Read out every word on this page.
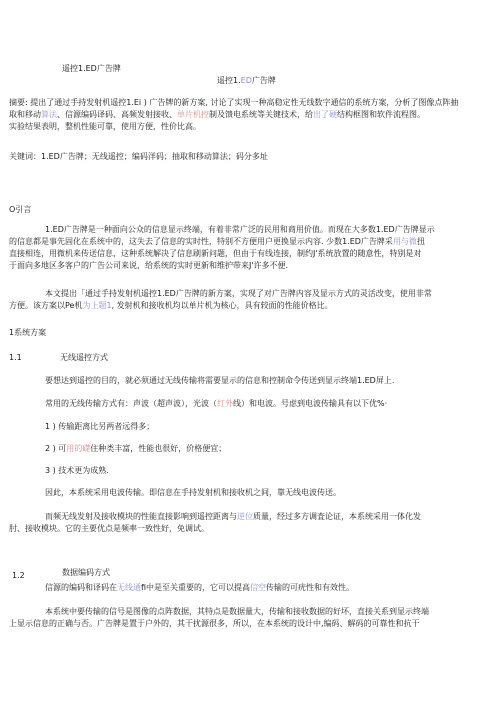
遥控1.ED广告牌
遥控1.ED广告牌

摘要: 提出了通过手持发射机遥控1.Ei ) 广告牌的新方案, 讨论了实现一种高稳定性无线数字通信的系统方案，分析了图像点阵抽

取和移动算法、信源编码译码、高频发射接收、单片机控制及馈电系统等关键技术，给出了硬结构框图和软件流程图。

实验结果表明，整机性能可靠，使用方便，性价比高。

关键词：1.ED广告牌；无线遥控；编码洋码；抽取和移动算法；码分多址
O引言

1.ED广告牌是一种面向公众的信息显示终端，有着非常广泛的民用和商用价值。而现在大多数1.ED广告牌显示

的信息都是事先固化在系统中的，这失去了信息的实时性，特别不方便用户更换显示内容. 少数1.ED广告牌采用与微扭

直接相连，用微机来传送信息，这种系统解决了信息刷新问题，但由于有线连接，制约J'系统放置的随意性，特别是对

于面向多地区多客户的广告公司来说，给系统的实时更新和维护带来J'许多不便.

本文提出「通过手持发射机遥控1.ED广告牌的新方案，实现了对广告牌内容及显示方式的灵活改变，使用非常

方便。该方案以Pe机为上题1, 发射机和接收机均以单片机为核心，具有较面的性能价格比。

1系统方案
1.1	无线遥控方式
要想达到遥控的目的，就必须通过无线传输将需要显示的信息和控制命令传送到显示终端1.ED屏上.
常用的无线传输方式有：声波（超声波），光波（红外线）和电波。号虑到电波传输具有以下优%·
1 ) 传输距离比另两者远得多；
2 ) 可用的礎住种类丰富，性能也很好，价格便宜；
3 ) 技术更为成熟.
因此，本系统采用电波传输。即信息在手持发射机和接收机之间，靠无线电波传送。

而频无线发射及接收模块的性能直接影响到遥控距离与逆位质量，经过多方调査论证，本系统采用一体化发

肘、接收模块。它的主要优点是频率一致性好，免调试。

1.2	数据编码方式
信源的编码和译码在无线通fi中是至关重要的，它可以提高信空传输的可疣性和有效性。

本系统中要传输的信号是图像的点阵数据，其特点是数据量大，传输和接收数据的好坏，直接关系到显示终端

上显示信息的正确与否。广告牌是置于户外的，其干扰源很多，所以，在本系统的设计中,编码、解码的可靠性和抗干
